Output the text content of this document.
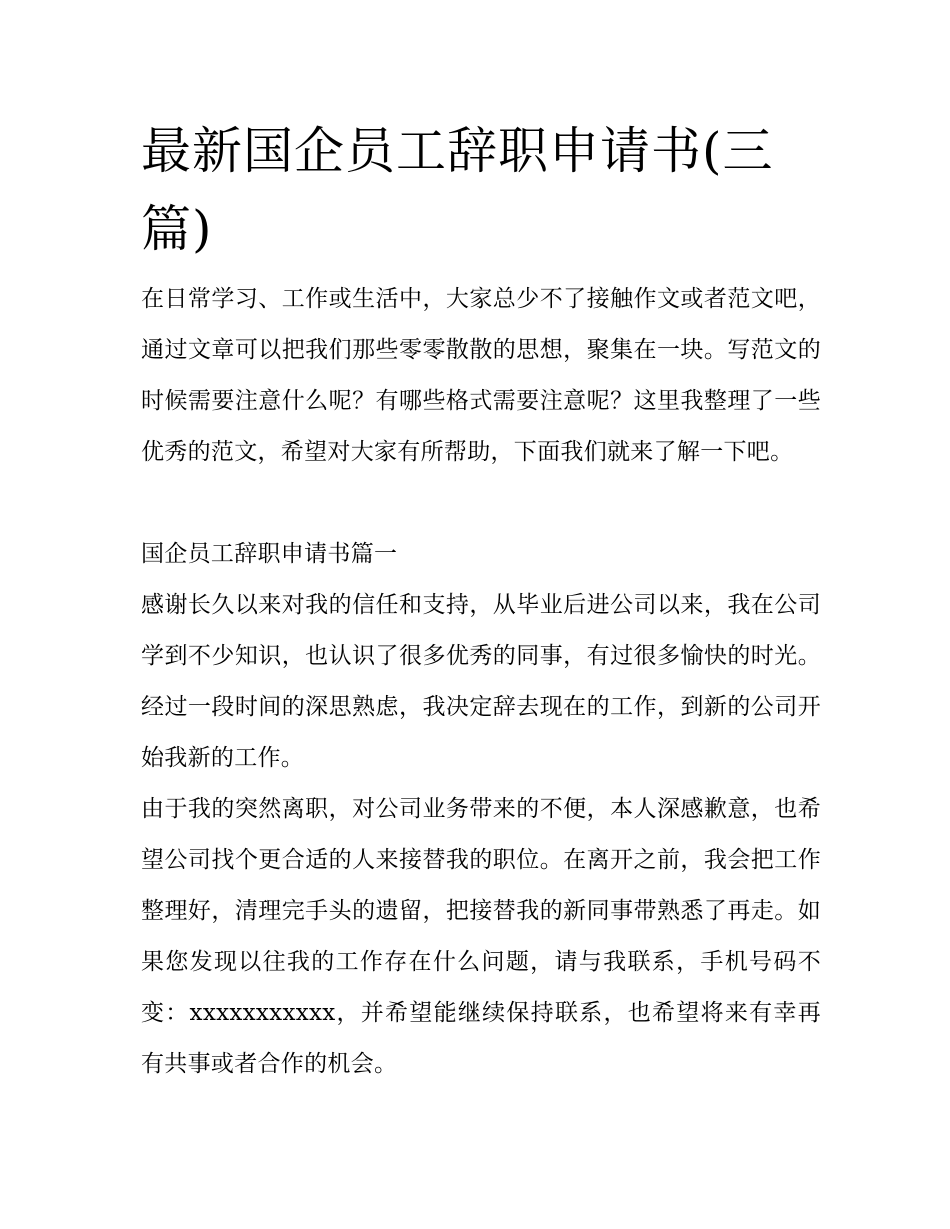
最新国企员工辞职申请书(三篇)

在日常学习、工作或生活中，大家总少不了接触作文或者范文吧，通过文章可以把我们那些零零散散的思想，聚集在一块。写范文的时候需要注意什么呢？有哪些格式需要注意呢？这里我整理了一些优秀的范文，希望对大家有所帮助，下面我们就来了解一下吧。

国企员工辞职申请书篇一

感谢长久以来对我的信任和支持，从毕业后进公司以来，我在公司学到不少知识，也认识了很多优秀的同事，有过很多愉快的时光。经过一段时间的深思熟虑，我决定辞去现在的工作，到新的公司开始我新的工作。

由于我的突然离职，对公司业务带来的不便，本人深感歉意，也希望公司找个更合适的人来接替我的职位。在离开之前，我会把工作整理好，清理完手头的遗留，把接替我的新同事带熟悉了再走。如果您发现以往我的工作存在什么问题，请与我联系，手机号码不变：xxxxxxxxxxx，并希望能继续保持联系，也希望将来有幸再有共事或者合作的机会。
